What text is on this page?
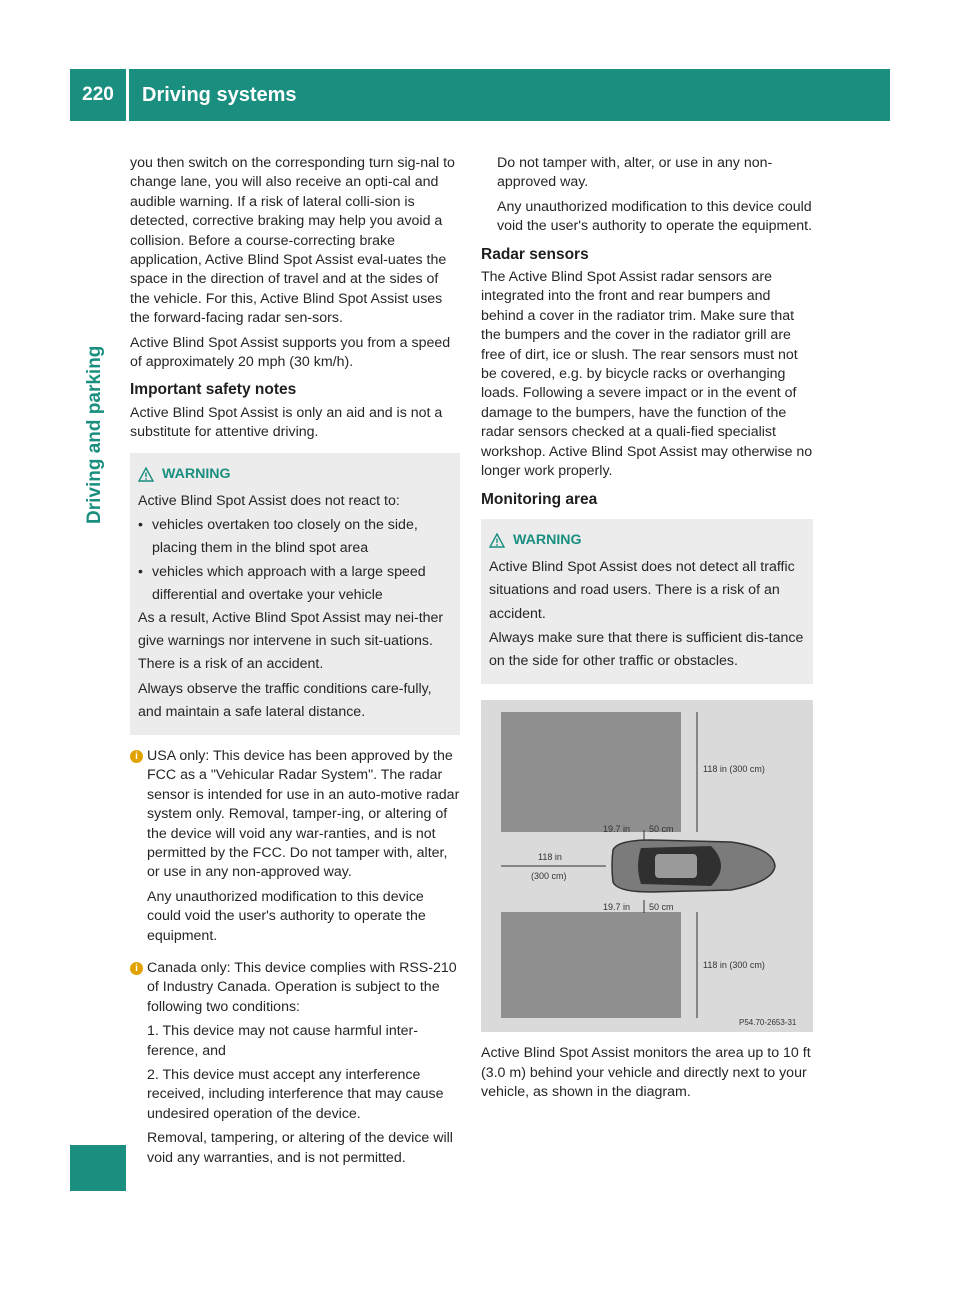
220	Driving systems
Driving and parking

you then switch on the corresponding turn sig-nal to change lane, you will also receive an opti-cal and audible warning. If a risk of lateral colli-sion is detected, corrective braking may help you avoid a collision. Before a course-correcting brake application, Active Blind Spot Assist eval-uates the space in the direction of travel and at the sides of the vehicle. For this, Active Blind Spot Assist uses the forward-facing radar sen-sors.

Active Blind Spot Assist supports you from a speed of approximately 20 mph (30 km/h).

Important safety notes

Active Blind Spot Assist is only an aid and is not a substitute for attentive driving.

WARNING

Active Blind Spot Assist does not react to:

• vehicles overtaken too closely on the side, placing them in the blind spot area
• vehicles which approach with a large speed differential and overtake your vehicle

As a result, Active Blind Spot Assist may nei-ther give warnings nor intervene in such sit-uations. There is a risk of an accident.

Always observe the traffic conditions care-fully, and maintain a safe lateral distance.

i USA only: This device has been approved by the FCC as a "Vehicular Radar System". The radar sensor is intended for use in an auto-motive radar system only. Removal, tamper-ing, or altering of the device will void any war-ranties, and is not permitted by the FCC. Do not tamper with, alter, or use in any non-approved way.

Any unauthorized modification to this device could void the user's authority to operate the equipment.

i Canada only: This device complies with RSS-210 of Industry Canada. Operation is subject to the following two conditions:

1. This device may not cause harmful inter-ference, and

2. This device must accept any interference received, including interference that may cause undesired operation of the device.

Removal, tampering, or altering of the device will void any warranties, and is not permitted.

Do not tamper with, alter, or use in any non-approved way.

Any unauthorized modification to this device could void the user's authority to operate the equipment.

Radar sensors

The Active Blind Spot Assist radar sensors are integrated into the front and rear bumpers and behind a cover in the radiator trim. Make sure that the bumpers and the cover in the radiator grill are free of dirt, ice or slush. The rear sensors must not be covered, e.g. by bicycle racks or overhanging loads. Following a severe impact or in the event of damage to the bumpers, have the function of the radar sensors checked at a quali-fied specialist workshop. Active Blind Spot Assist may otherwise no longer work properly.

Monitoring area
WARNING

Active Blind Spot Assist does not detect all traffic situations and road users. There is a risk of an accident.

Always make sure that there is sufficient dis-tance on the side for other traffic or obstacles.

118 in (300 cm)
118 in (300 cm)
19.7 in 50 cm
19.7 in 50 cm
118 in
(300 cm)
P54.70-2653-31

Active Blind Spot Assist monitors the area up to 10 ft (3.0 m) behind your vehicle and directly next to your vehicle, as shown in the diagram.
